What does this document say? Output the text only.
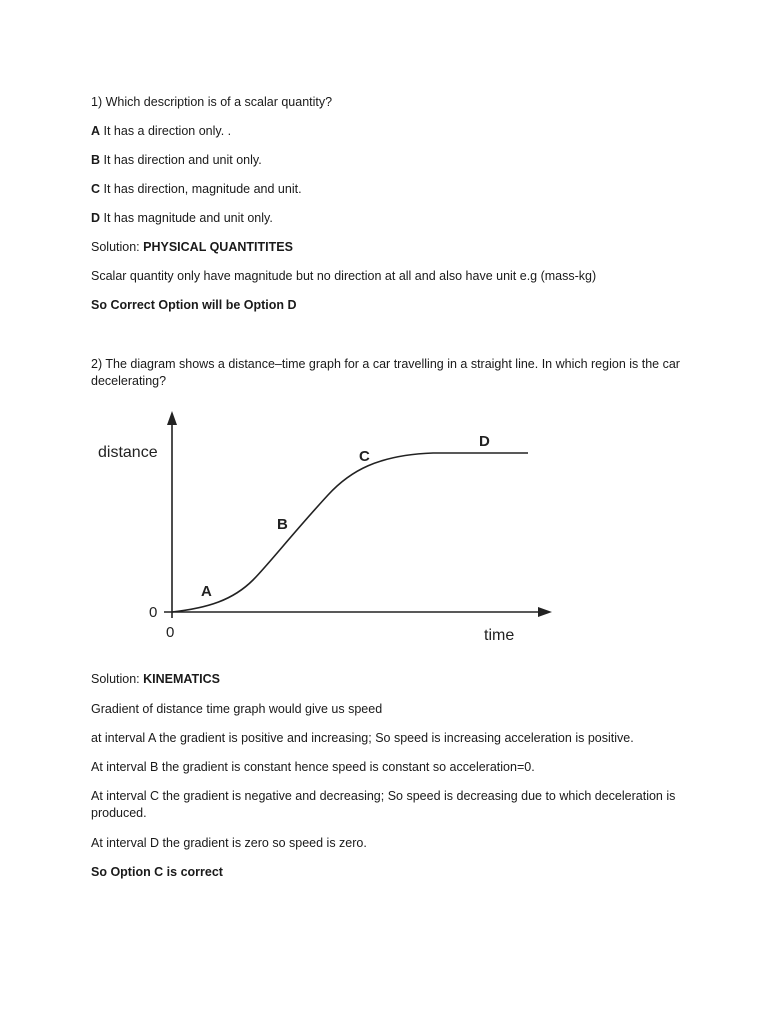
1) Which description is of a scalar quantity?
A It has a direction only. .
B It has direction and unit only.
C It has direction, magnitude and unit.
D It has magnitude and unit only.
Solution: PHYSICAL QUANTITITES
Scalar quantity only have magnitude but no direction at all and also have unit e.g (mass-kg)
So Correct Option will be Option D
2) The diagram shows a distance–time graph for a car travelling in a straight line. In which region is the car decelerating?
distance
time
0
0
A
B
C
D
Solution: KINEMATICS
Gradient of distance time graph would give us speed
at interval A the gradient is positive and increasing; So speed is increasing acceleration is positive.
At interval B the gradient is constant hence speed is constant so acceleration=0.
At interval C the gradient is negative and decreasing; So speed is decreasing due to which deceleration is produced.
At interval D the gradient is zero so speed is zero.
So Option C is correct
